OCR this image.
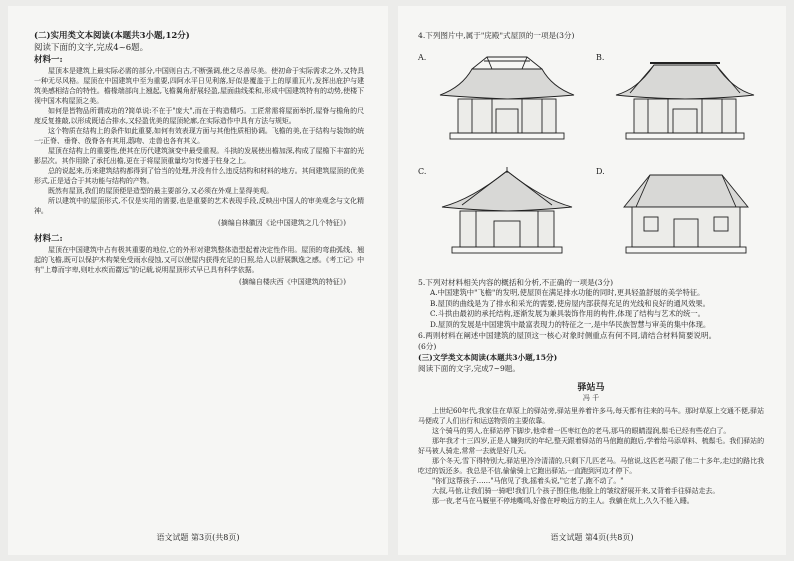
(二)实用类文本阅读(本题共3小题,12分)

阅读下面的文字,完成4~6题。

材料一:

屋顶本是建筑上最实际必需的部分,中国则自古,不断强调,使之尽善尽美。使初命于实际需求之外,又特具一种无尽风格。屋顶在中国建筑中至为重要,四阿水平日见利落,好似是覆盖于上的厚重瓦片,发挥出庇护与建筑美感相结合的特性。檐椽端部向上翘起,飞檐翼角舒展轻盈,屋面曲线柔和,形成中国建筑特有的动势,使楼下视中国木构屋顶之美。

如何是皆物品所谓成功的?简单说:不在于"庞大",而在于构造精巧。工匠常需将屋面举折,屋脊与檐角的尺度反复推敲,以形成既适合排水,又轻盈优美的屋顶轮廓,在实际造作中具有方法与规矩。

这个物质在结构上的条件如此重要,如何有效表现方面与其他性质相协调。飞檐的美,在于结构与装饰的统一;正脊、垂脊、戗脊各有其用,鸱吻、走兽也各有其义。

屋顶在结构上的重要性,使其在历代建筑演变中最受重视。斗拱的发展使出檐加深,构成了屋檐下丰富的光影层次。其作用除了承托出檐,更在于将屋顶重量均匀传递于柱身之上。

总的说起来,历来建筑结构都得到了恰当的处理,并没有什么违反结构和材料的地方。其间建筑屋顶的优美形式,正是适合于其功能与结构的产物。

既然有屋顶,我们的屋顶便是造型的最主要部分,又必须在外观上显得美观。

所以建筑中的屋顶形式,不仅是实用的需要,也是重要的艺术表现手段,反映出中国人的审美观念与文化精神。

(摘编自林徽因《论中国建筑之几个特征》)

材料二:

屋顶在中国建筑中占有极其重要的地位,它的外形对建筑整体造型起着决定性作用。屋顶的弯曲弧线、翘起的飞檐,既可以保护木构架免受雨水侵蚀,又可以使屋内获得充足的日照,给人以舒展飘逸之感。《考工记》中有"上尊而宇卑,则吐水疾而霤远"的记载,说明屋顶形式早已具有科学依据。

(摘编自楼庆西《中国建筑的特征》)

语文试题 第3页(共8页)

4.下列图片中,属于"庑殿"式屋顶的一项是(3分)

A.	B.
C.	D.

5.下列对材料相关内容的概括和分析,不正确的一项是(3分)

A.中国建筑中"飞檐"的发明,使屋顶在满足排水功能的同时,更具轻盈舒展的美学特征。

B.屋顶的曲线是为了排水和采光的需要,使房屋内部获得充足的光线和良好的通风效果。

C.斗拱由最初的承托结构,逐渐发展为兼具装饰作用的构件,体现了结构与艺术的统一。

D.屋顶的发展是中国建筑中最富表现力的特征之一,是中华民族智慧与审美的集中体现。

6.两则材料在阐述中国建筑的屋顶这一核心对象时侧重点有何不同,请结合材料简要说明。

(6分)

(三)文学类文本阅读(本题共3小题,15分)

阅读下面的文字,完成7~9题。

驿站马

冯 千

上世纪60年代,我家住在草原上的驿站旁,驿站里养着许多马,每天都有往来的马车。那时草原上交通不便,驿站马便成了人们出行和运送物资的主要依靠。

这个骑马的男人,在驿站停下脚步,他牵着一匹枣红色的老马,那马的眼睛湿润,鬃毛已经有些花白了。

那年我才十三四岁,正是人嫌狗厌的年纪,整天跟着驿站的马倌跑前跑后,学着给马添草料、梳鬃毛。我们驿站的好马被人骑走,常常一去就是好几天。

那个冬天,雪下得特别大,驿站里冷冷清清的,只剩下几匹老马。马倌说,这匹老马跟了他二十多年,走过的路比我吃过的饭还多。我总是不信,偷偷骑上它跑出驿站,一直跑到河边才停下。

"你们这帮孩子……"马倌见了我,摇着头说,"它老了,跑不动了。"

大叔,马倌,让我们骑一骑吧!我们几个孩子围住他,他脸上的皱纹舒展开来,又背着手往驿站走去。

那一夜,老马在马厩里不停地嘶鸣,好像在呼唤远方的主人。我躺在炕上,久久不能入睡。

语文试题 第4页(共8页)
